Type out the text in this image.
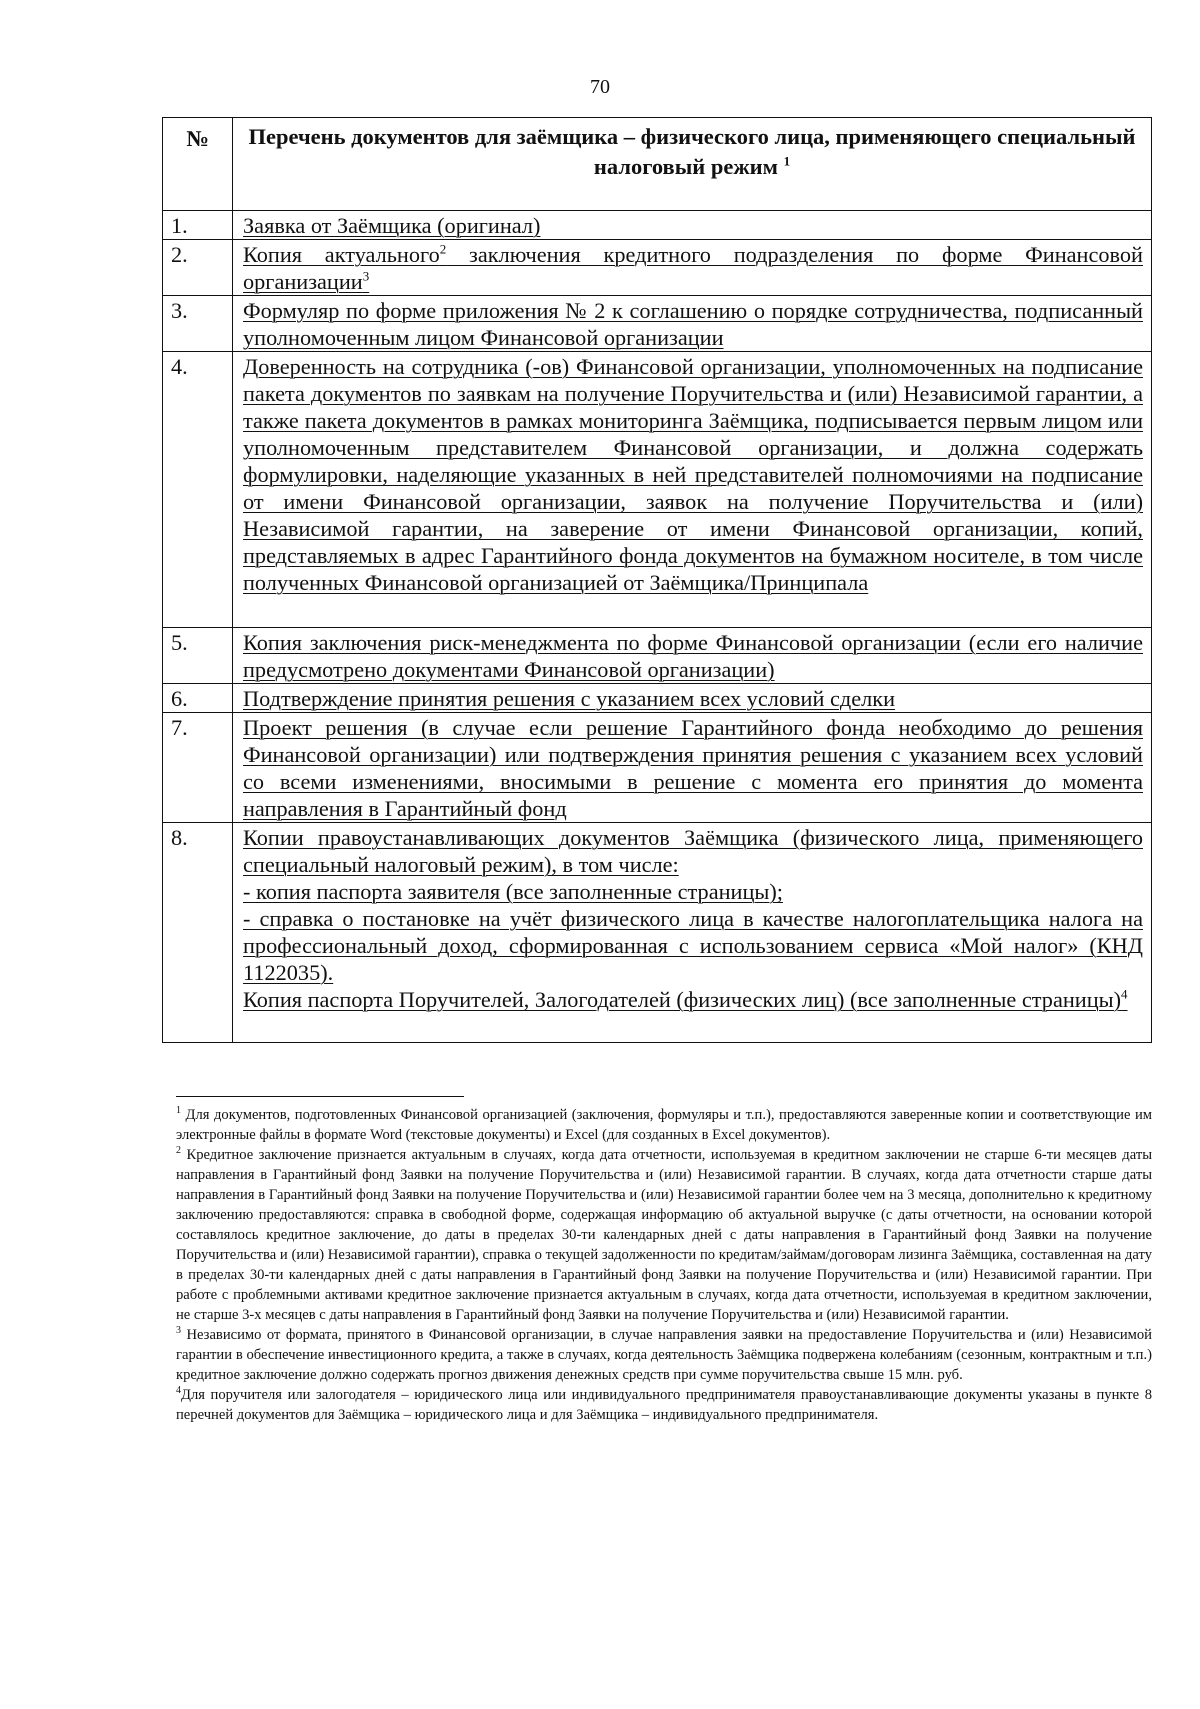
70
№	Перечень документов для заёмщика – физического лица, применяющего специальный налоговый режим $^1$
1.	Заявка от Заёмщика (оригинал)
2.	Копия актуального$^2$ заключения кредитного подразделения по форме Финансовой организации$^3$
3.	Формуляр по форме приложения № 2 к соглашению о порядке сотрудничества, подписанный уполномоченным лицом Финансовой организации
4.	Доверенность на сотрудника (-ов) Финансовой организации, уполномоченных на подписание пакета документов по заявкам на получение Поручительства и (или) Независимой гарантии, а также пакета документов в рамках мониторинга Заёмщика, подписывается первым лицом или уполномоченным представителем Финансовой организации, и должна содержать формулировки, наделяющие указанных в ней представителей полномочиями на подписание от имени Финансовой организации, заявок на получение Поручительства и (или) Независимой гарантии, на заверение от имени Финансовой организации, копий, представляемых в адрес Гарантийного фонда документов на бумажном носителе, в том числе полученных Финансовой организацией от Заёмщика/Принципала
5.	Копия заключения риск-менеджмента по форме Финансовой организации (если его наличие предусмотрено документами Финансовой организации)
6.	Подтверждение принятия решения с указанием всех условий сделки
7.	Проект решения (в случае если решение Гарантийного фонда необходимо до решения Финансовой организации) или подтверждения принятия решения с указанием всех условий со всеми изменениями, вносимыми в решение с момента его принятия до момента направления в Гарантийный фонд
8.	Копии правоустанавливающих документов Заёмщика (физического лица, применяющего специальный налоговый режим), в том числе:
- копия паспорта заявителя (все заполненные страницы);
- справка о постановке на учёт физического лица в качестве налогоплательщика налога на профессиональный доход, сформированная с использованием сервиса «Мой налог» (КНД 1122035).
Копия паспорта Поручителей, Залогодателей (физических лиц) (все заполненные страницы)$^4$

$^1$ Для документов, подготовленных Финансовой организацией (заключения, формуляры и т.п.), предоставляются заверенные копии и соответствующие им электронные файлы в формате Word (текстовые документы) и Excel (для созданных в Excel документов).

$^2$ Кредитное заключение признается актуальным в случаях, когда дата отчетности, используемая в кредитном заключении не старше 6-ти месяцев даты направления в Гарантийный фонд Заявки на получение Поручительства и (или) Независимой гарантии. В случаях, когда дата отчетности старше даты направления в Гарантийный фонд Заявки на получение Поручительства и (или) Независимой гарантии более чем на 3 месяца, дополнительно к кредитному заключению предоставляются: справка в свободной форме, содержащая информацию об актуальной выручке (с даты отчетности, на основании которой составлялось кредитное заключение, до даты в пределах 30-ти календарных дней с даты направления в Гарантийный фонд Заявки на получение Поручительства и (или) Независимой гарантии), справка о текущей задолженности по кредитам/займам/договорам лизинга Заёмщика, составленная на дату в пределах 30-ти календарных дней с даты направления в Гарантийный фонд Заявки на получение Поручительства и (или) Независимой гарантии. При работе с проблемными активами кредитное заключение признается актуальным в случаях, когда дата отчетности, используемая в кредитном заключении, не старше 3-х месяцев с даты направления в Гарантийный фонд Заявки на получение Поручительства и (или) Независимой гарантии.

$^3$ Независимо от формата, принятого в Финансовой организации, в случае направления заявки на предоставление Поручительства и (или) Независимой гарантии в обеспечение инвестиционного кредита, а также в случаях, когда деятельность Заёмщика подвержена колебаниям (сезонным, контрактным и т.п.) кредитное заключение должно содержать прогноз движения денежных средств при сумме поручительства свыше 15 млн. руб.

$^4$Для поручителя или залогодателя – юридического лица или индивидуального предпринимателя правоустанавливающие документы указаны в пункте 8 перечней документов для Заёмщика – юридического лица и для Заёмщика – индивидуального предпринимателя.
